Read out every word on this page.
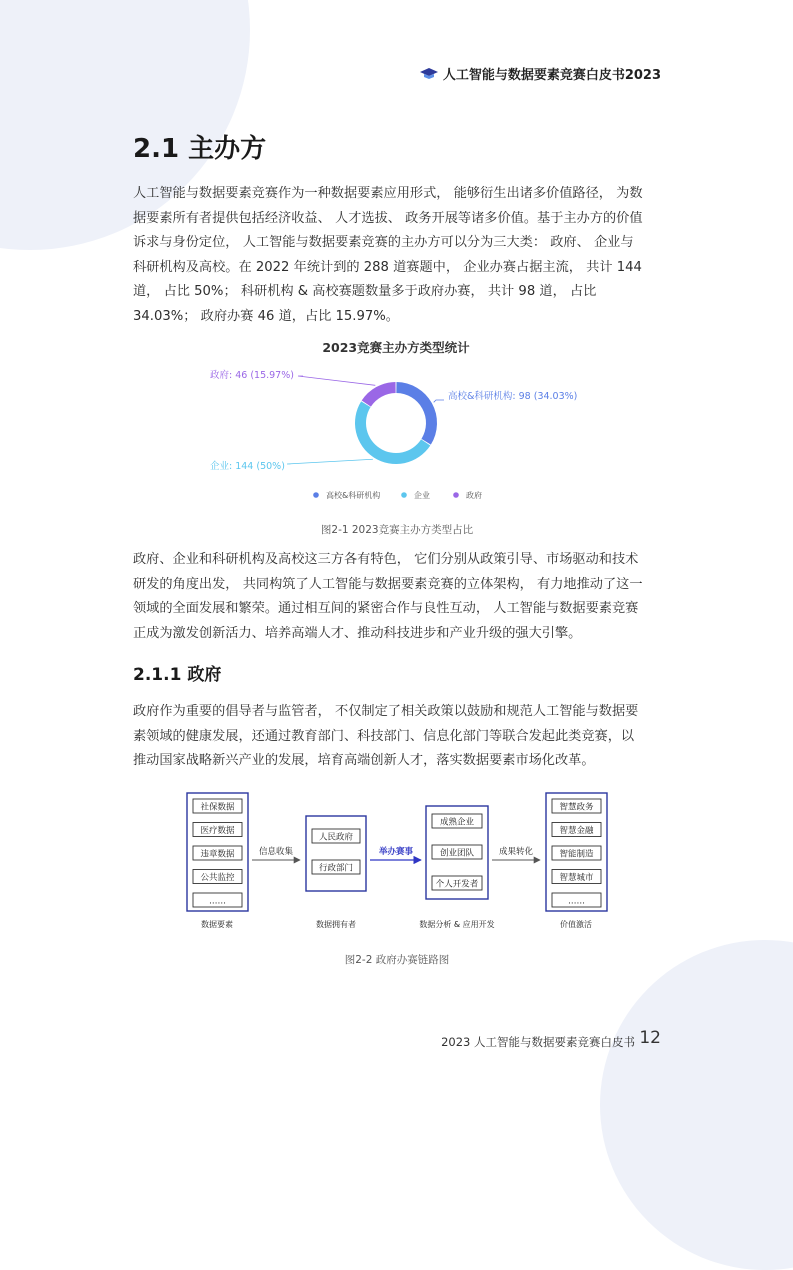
人工智能与数据要素竞赛白皮书2023
2.1 主办方
人工智能与数据要素竞赛作为一种数据要素应用形式， 能够衍生出诸多价值路径， 为数
据要素所有者提供包括经济收益、 人才选拔、 政务开展等诸多价值。基于主办方的价值
诉求与身份定位， 人工智能与数据要素竞赛的主办方可以分为三大类： 政府、 企业与
科研机构及高校。在 2022 年统计到的 288 道赛题中， 企业办赛占据主流， 共计 144
道， 占比 50%； 科研机构 & 高校赛题数量多于政府办赛， 共计 98 道， 占比
34.03%； 政府办赛 46 道，占比 15.97%。
2023竞赛主办方类型统计
高校&科研机构: 98 (34.03%)
企业: 144 (50%)
政府: 46 (15.97%)
高校&科研机构	企业	政府

图2-1 2023竞赛主办方类型占比

政府、企业和科研机构及高校这三方各有特色， 它们分别从政策引导、市场驱动和技术
研发的角度出发， 共同构筑了人工智能与数据要素竞赛的立体架构， 有力地推动了这一
领域的全面发展和繁荣。通过相互间的紧密合作与良性互动， 人工智能与数据要素竞赛
正成为激发创新活力、培养高端人才、推动科技进步和产业升级的强大引擎。
2.1.1 政府
政府作为重要的倡导者与监管者， 不仅制定了相关政策以鼓励和规范人工智能与数据要
素领域的健康发展，还通过教育部门、科技部门、信息化部门等联合发起此类竞赛，以
推动国家战略新兴产业的发展，培育高端创新人才，落实数据要素市场化改革。
社保数据
医疗数据
违章数据
公共监控
……
信息收集
人民政府
行政部门
举办赛事
成熟企业
创业团队
个人开发者
成果转化
智慧政务
智慧金融
智能制造
智慧城市
……
数据要素	数据拥有者	数据分析 & 应用开发	价值激活

图2-2 政府办赛链路图

2023 人工智能与数据要素竞赛白皮书 12
